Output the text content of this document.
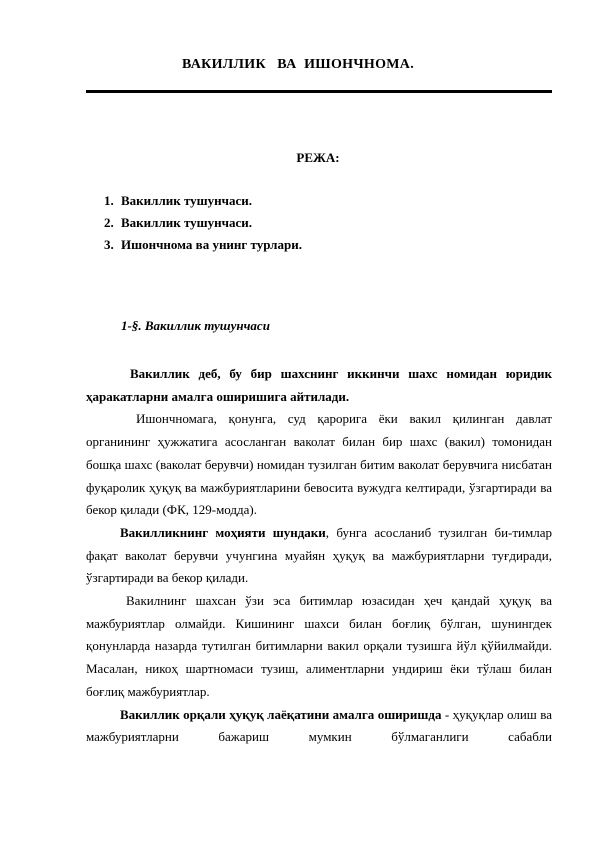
ВАКИЛЛИК   ВА  ИШОНЧНОМА.
РЕЖА:
1. Вакиллик тушунчаси.
2. Вакиллик тушунчаси.
3. Ишончнома ва унинг турлари.
1-§. Вакиллик тушунчаси

Вакиллик деб, бу бир шахснинг иккинчи шахс номидан юридик ҳаракатларни амалга оширишига айтилади.

Ишончномага, қонунга, суд қарорига ёки вакил қилинган давлат органининг ҳужжатига асосланган ваколат билан бир шахс (вакил) томонидан бошқа шахс (ваколат берувчи) номидан тузилган битим ваколат берувчига нисбатан фуқаролик ҳуқуқ ва мажбуриятларини бевосита вужудга келтиради, ўзгартиради ва бекор қилади (ФК, 129-модда).

Вакилликнинг моҳияти шундаки, бунга асосланиб тузилган би-тимлар фақат ваколат берувчи учунгина муайян ҳуқуқ ва мажбуриятларни туғдиради, ўзгартиради ва бекор қилади.

Вакилнинг шахсан ўзи эса битимлар юзасидан ҳеч қандай ҳуқуқ ва мажбуриятлар олмайди. Кишининг шахси билан боғлиқ бўлган, шунингдек қонунларда назарда тутилган битимларни вакил орқали тузишга йўл қўйилмайди. Масалан, никоҳ шартномаси тузиш, алиментларни ундириш ёки тўлаш билан боғлиқ мажбуриятлар.

Вакиллик орқали ҳуқуқ лаёқатини амалга оширишда - ҳуқуқлар олиш ва мажбуриятларни бажариш мумкин бўлмаганлиги сабабли
